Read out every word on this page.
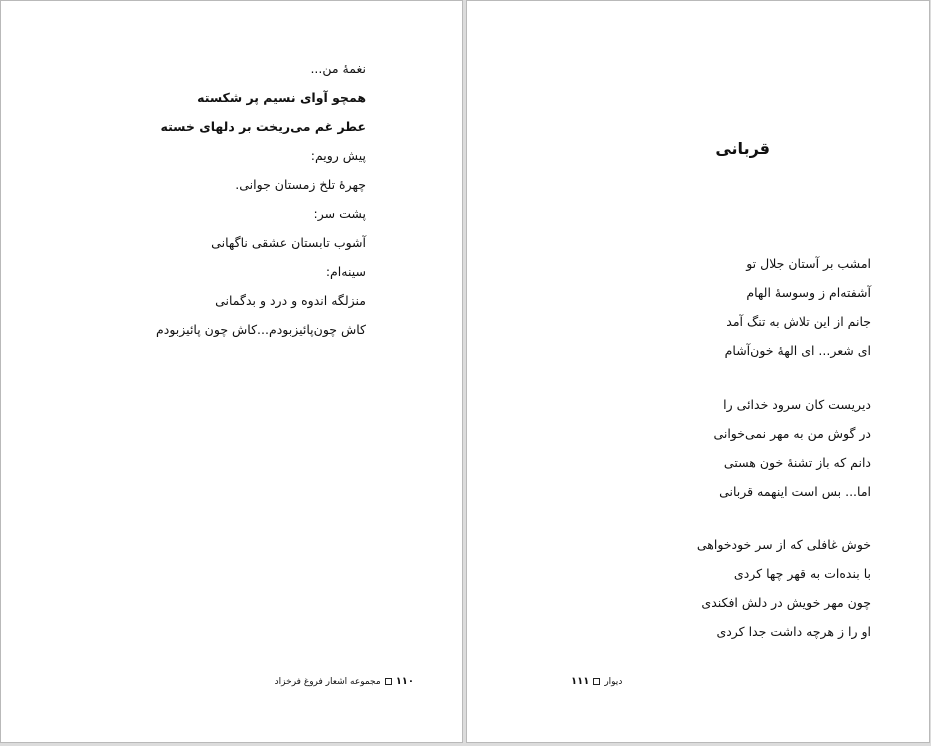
نغمهٔ من...
همچو آوای نسیم پر شکسته
عطر غم می‌ریخت بر دلهای خسته
پیش رویم:
چهرهٔ تلخ زمستان جوانی.
پشت سر:
آشوب تابستان عشقی ناگهانی
سینه‌ام:
منزلگه اندوه و درد و بدگمانی
کاش چون‌پائیزبودم...کاش چون پائیزبودم
۱۱۰
مجموعه اشعار فروغ فرخزاد
قربانی
امشب بر آستان جلال تو
آشفته‌ام ز وسوسهٔ الهام
جانم از این تلاش به تنگ آمد
ای شعر... ای الههٔ خون‌آشام
دیریست کان سرود خدائی را
در گوش من به مهر نمی‌خوانی
دانم که باز تشنهٔ خون هستی
اما... بس است اینهمه قربانی
خوش غافلی که از سر خودخواهی
با بنده‌ات به قهر چها کردی
چون مهر خویش در دلش افکندی
او را ز هرچه داشت جدا کردی
دیوار
۱۱۱
